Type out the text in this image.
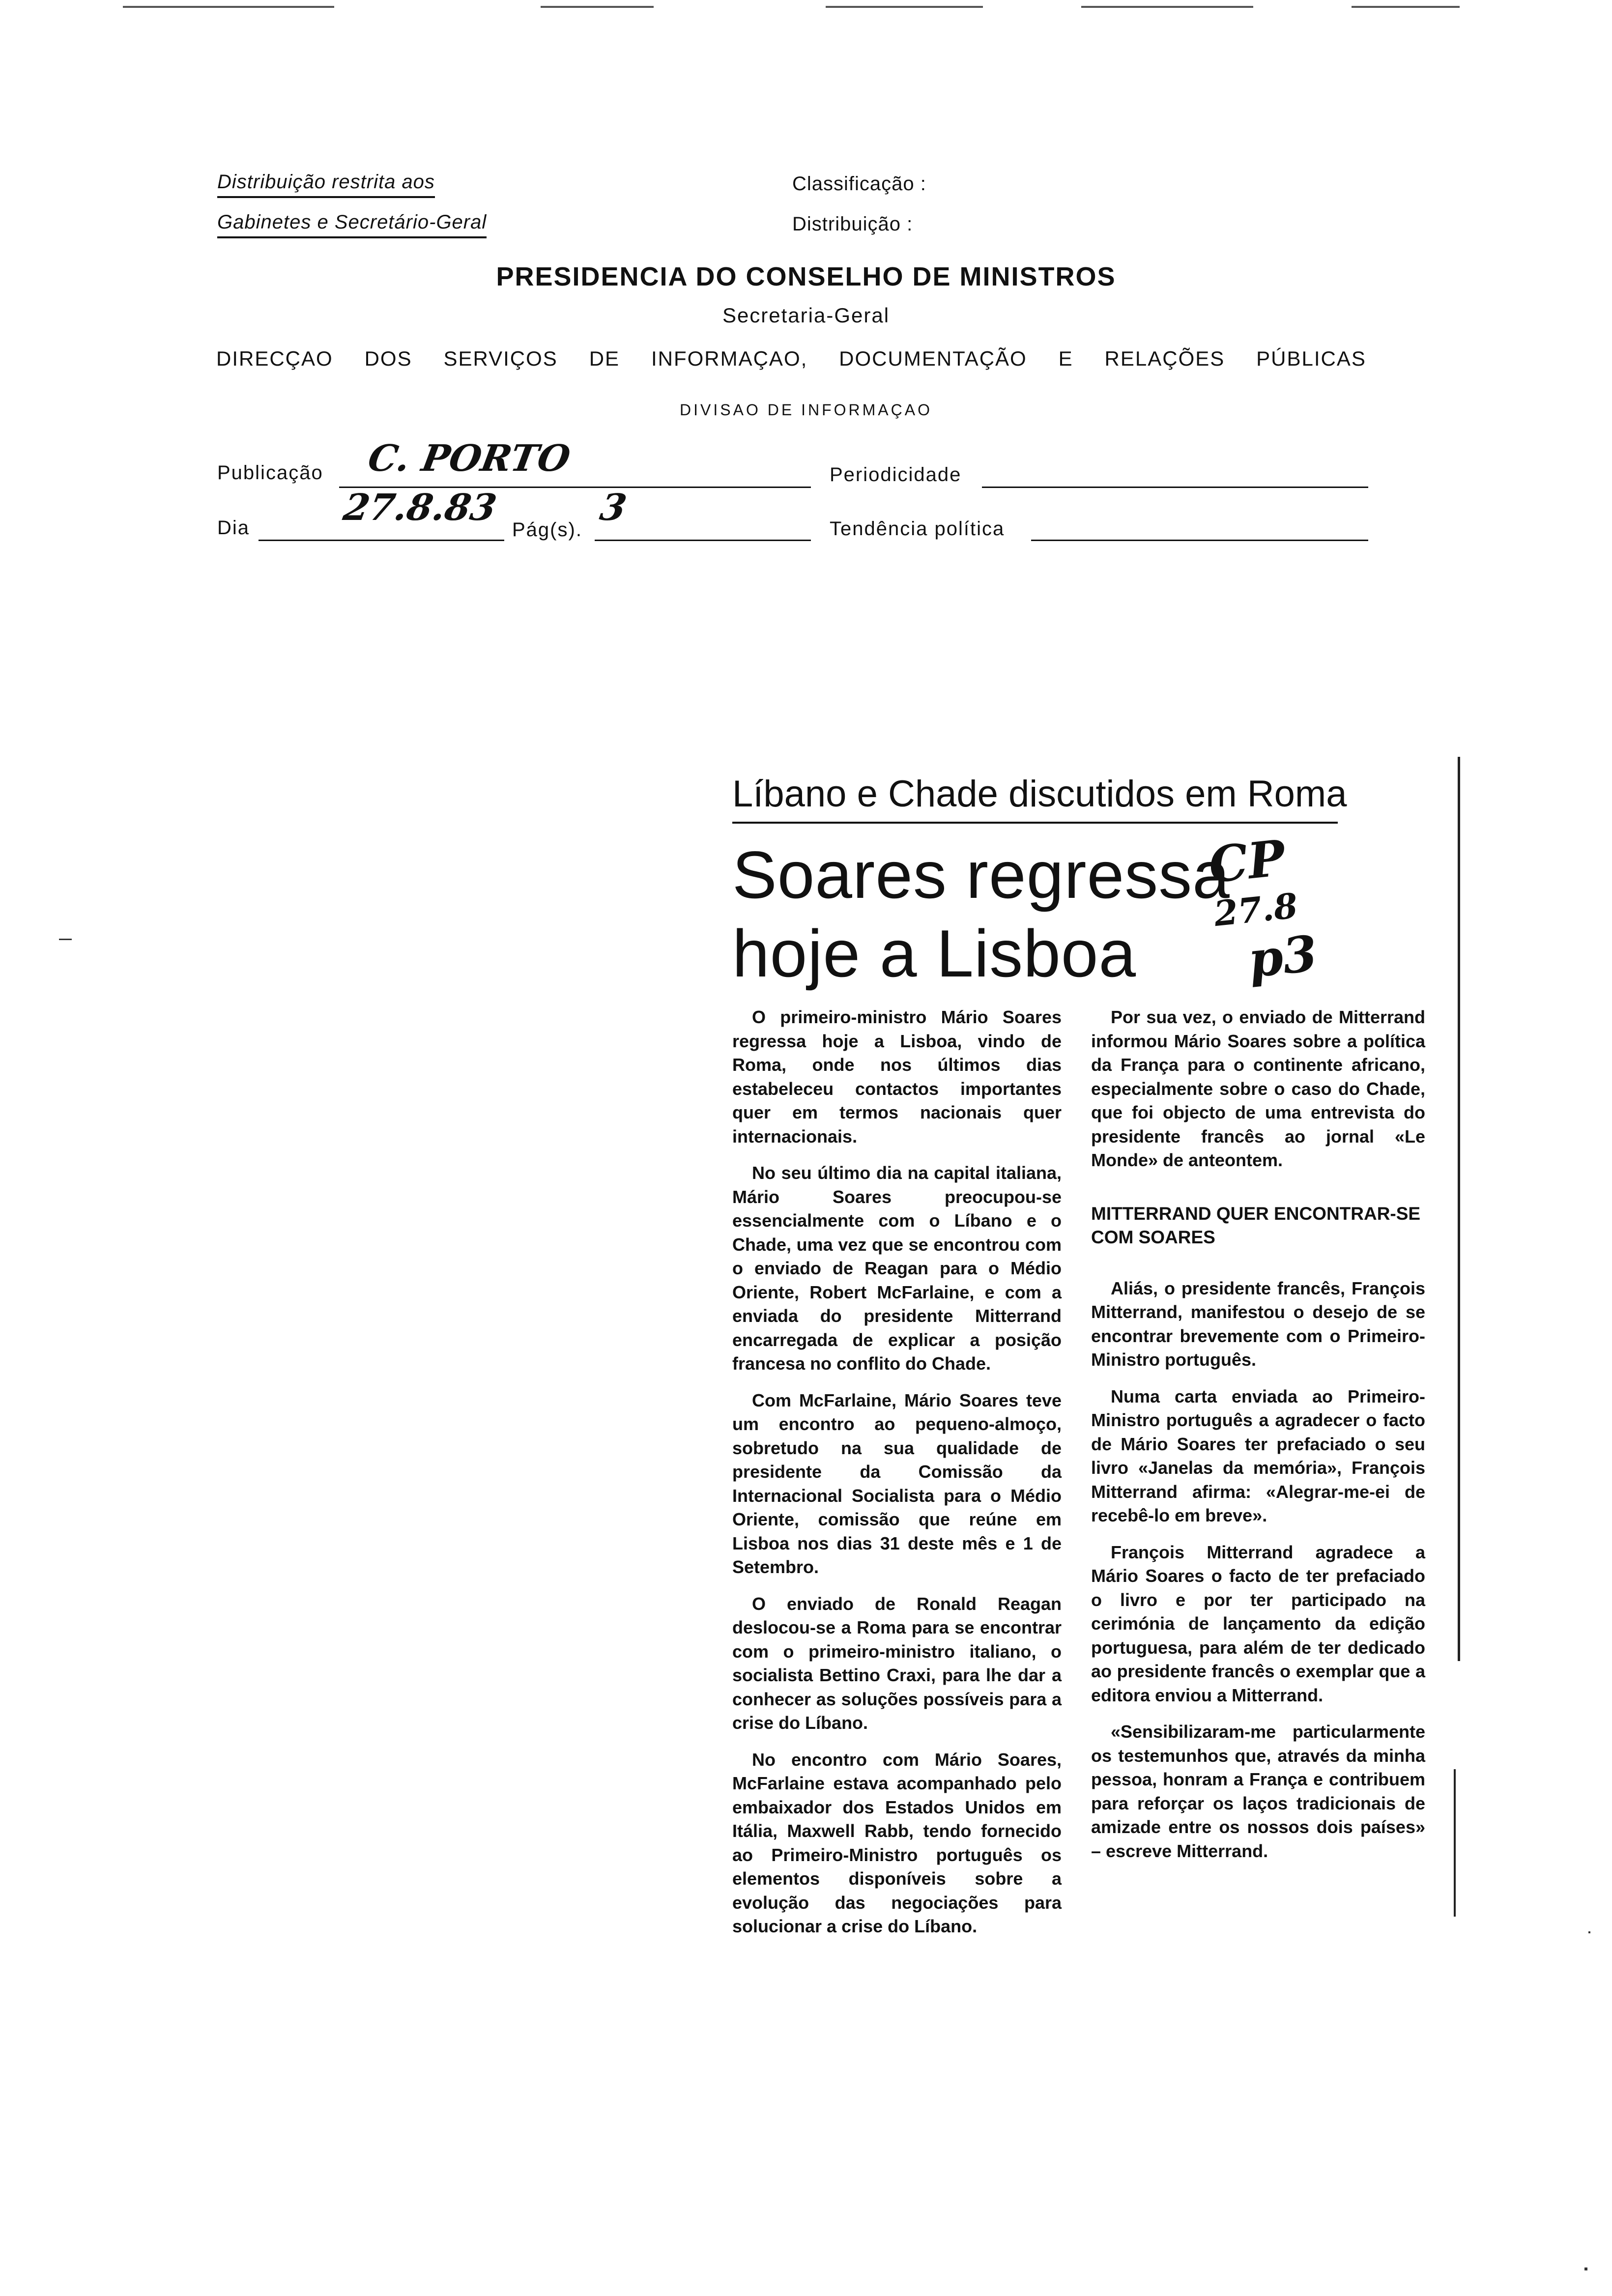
Distribuição restrita aos
Gabinetes e Secretário-Geral
Classificação :
Distribuição :
PRESIDENCIA DO CONSELHO DE MINISTROS
Secretaria-Geral
DIRECÇAO DOS SERVIÇOS DE INFORMAÇAO, DOCUMENTAÇÃO E RELAÇÕES PÚBLICAS
DIVISAO DE INFORMAÇAO
Publicação C. PORTO	Periodicidade
Dia 27.8.83
Pág(s).
3	Tendência política
Líbano e Chade discutidos em Roma
Soares regressa
hoje a Lisboa
CP
27.8
p3

O primeiro-ministro Mário Soares regressa hoje a Lisboa, vindo de Roma, onde nos últimos dias estabeleceu contactos importantes quer em termos nacionais quer internacionais.

No seu último dia na capital italiana, Mário Soares preocupou-se essencialmente com o Líbano e o Chade, uma vez que se encontrou com o enviado de Reagan para o Médio Oriente, Robert McFarlaine, e com a enviada do presidente Mitterrand encarregada de explicar a posição francesa no conflito do Chade.

Com McFarlaine, Mário Soares teve um encontro ao pequeno-almoço, sobretudo na sua qualidade de presidente da Comissão da Internacional Socialista para o Médio Oriente, comissão que reúne em Lisboa nos dias 31 deste mês e 1 de Setembro.

O enviado de Ronald Reagan deslocou-se a Roma para se encontrar com o primeiro-ministro italiano, o socialista Bettino Craxi, para lhe dar a conhecer as soluções possíveis para a crise do Líbano.

No encontro com Mário Soares, McFarlaine estava acompanhado pelo embaixador dos Estados Unidos em Itália, Maxwell Rabb, tendo fornecido ao Primeiro-Ministro português os elementos disponíveis sobre a evolução das negociações para solucionar a crise do Líbano.

Por sua vez, o enviado de Mitterrand informou Mário Soares sobre a política da França para o continente africano, especialmente sobre o caso do Chade, que foi objecto de uma entrevista do presidente francês ao jornal «Le Monde» de anteontem.

MITTERRAND QUER ENCONTRAR-SE COM SOARES

Aliás, o presidente francês, François Mitterrand, manifestou o desejo de se encontrar brevemente com o Primeiro-Ministro português.

Numa carta enviada ao Primeiro-Ministro português a agradecer o facto de Mário Soares ter prefaciado o seu livro «Janelas da memória», François Mitterrand afirma: «Alegrar-me-ei de recebê-lo em breve».

François Mitterrand agradece a Mário Soares o facto de ter prefaciado o livro e por ter participado na cerimónia de lançamento da edição portuguesa, para além de ter dedicado ao presidente francês o exemplar que a editora enviou a Mitterrand.

«Sensibilizaram-me particularmente os testemunhos que, através da minha pessoa, honram a França e contribuem para reforçar os laços tradicionais de amizade entre os nossos dois países» – escreve Mitterrand.
